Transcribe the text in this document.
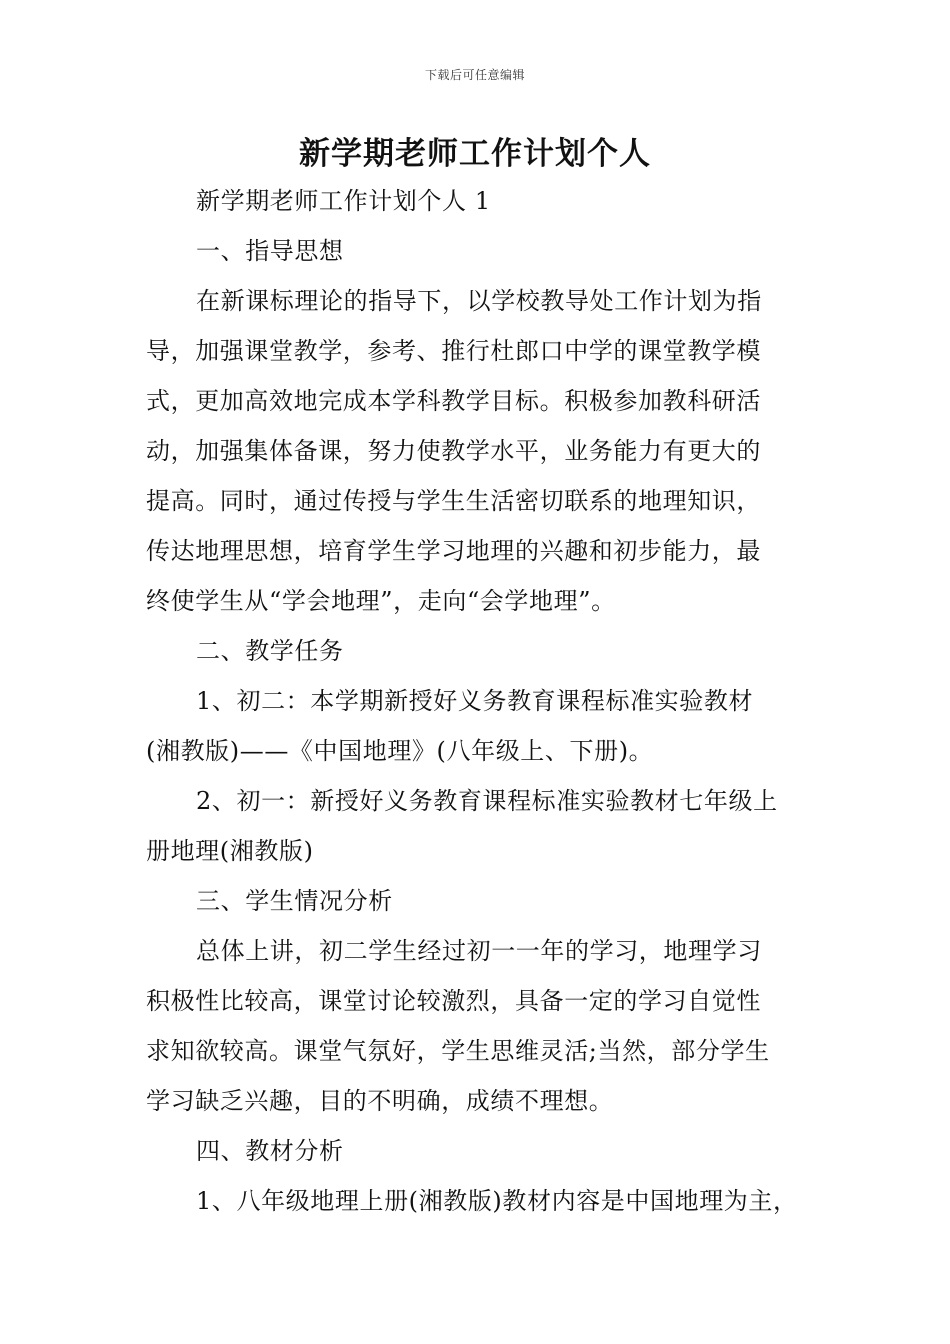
下载后可任意编辑
新学期老师工作计划个人
新学期老师工作计划个人 1
一、指导思想
在新课标理论的指导下，以学校教导处工作计划为指
导，加强课堂教学，参考、推行杜郎口中学的课堂教学模
式，更加高效地完成本学科教学目标。积极参加教科研活
动，加强集体备课，努力使教学水平，业务能力有更大的
提高。同时，通过传授与学生生活密切联系的地理知识，
传达地理思想，培育学生学习地理的兴趣和初步能力，最
终使学生从“学会地理”，走向“会学地理”。
二、教学任务
1、初二：本学期新授好义务教育课程标准实验教材
(湘教版)——《中国地理》(八年级上、下册)。
2、初一：新授好义务教育课程标准实验教材七年级上
册地理(湘教版)
三、学生情况分析
总体上讲，初二学生经过初一一年的学习，地理学习
积极性比较高，课堂讨论较激烈，具备一定的学习自觉性
求知欲较高。课堂气氛好，学生思维灵活;当然，部分学生
学习缺乏兴趣，目的不明确，成绩不理想。
四、教材分析
1、八年级地理上册(湘教版)教材内容是中国地理为主，
